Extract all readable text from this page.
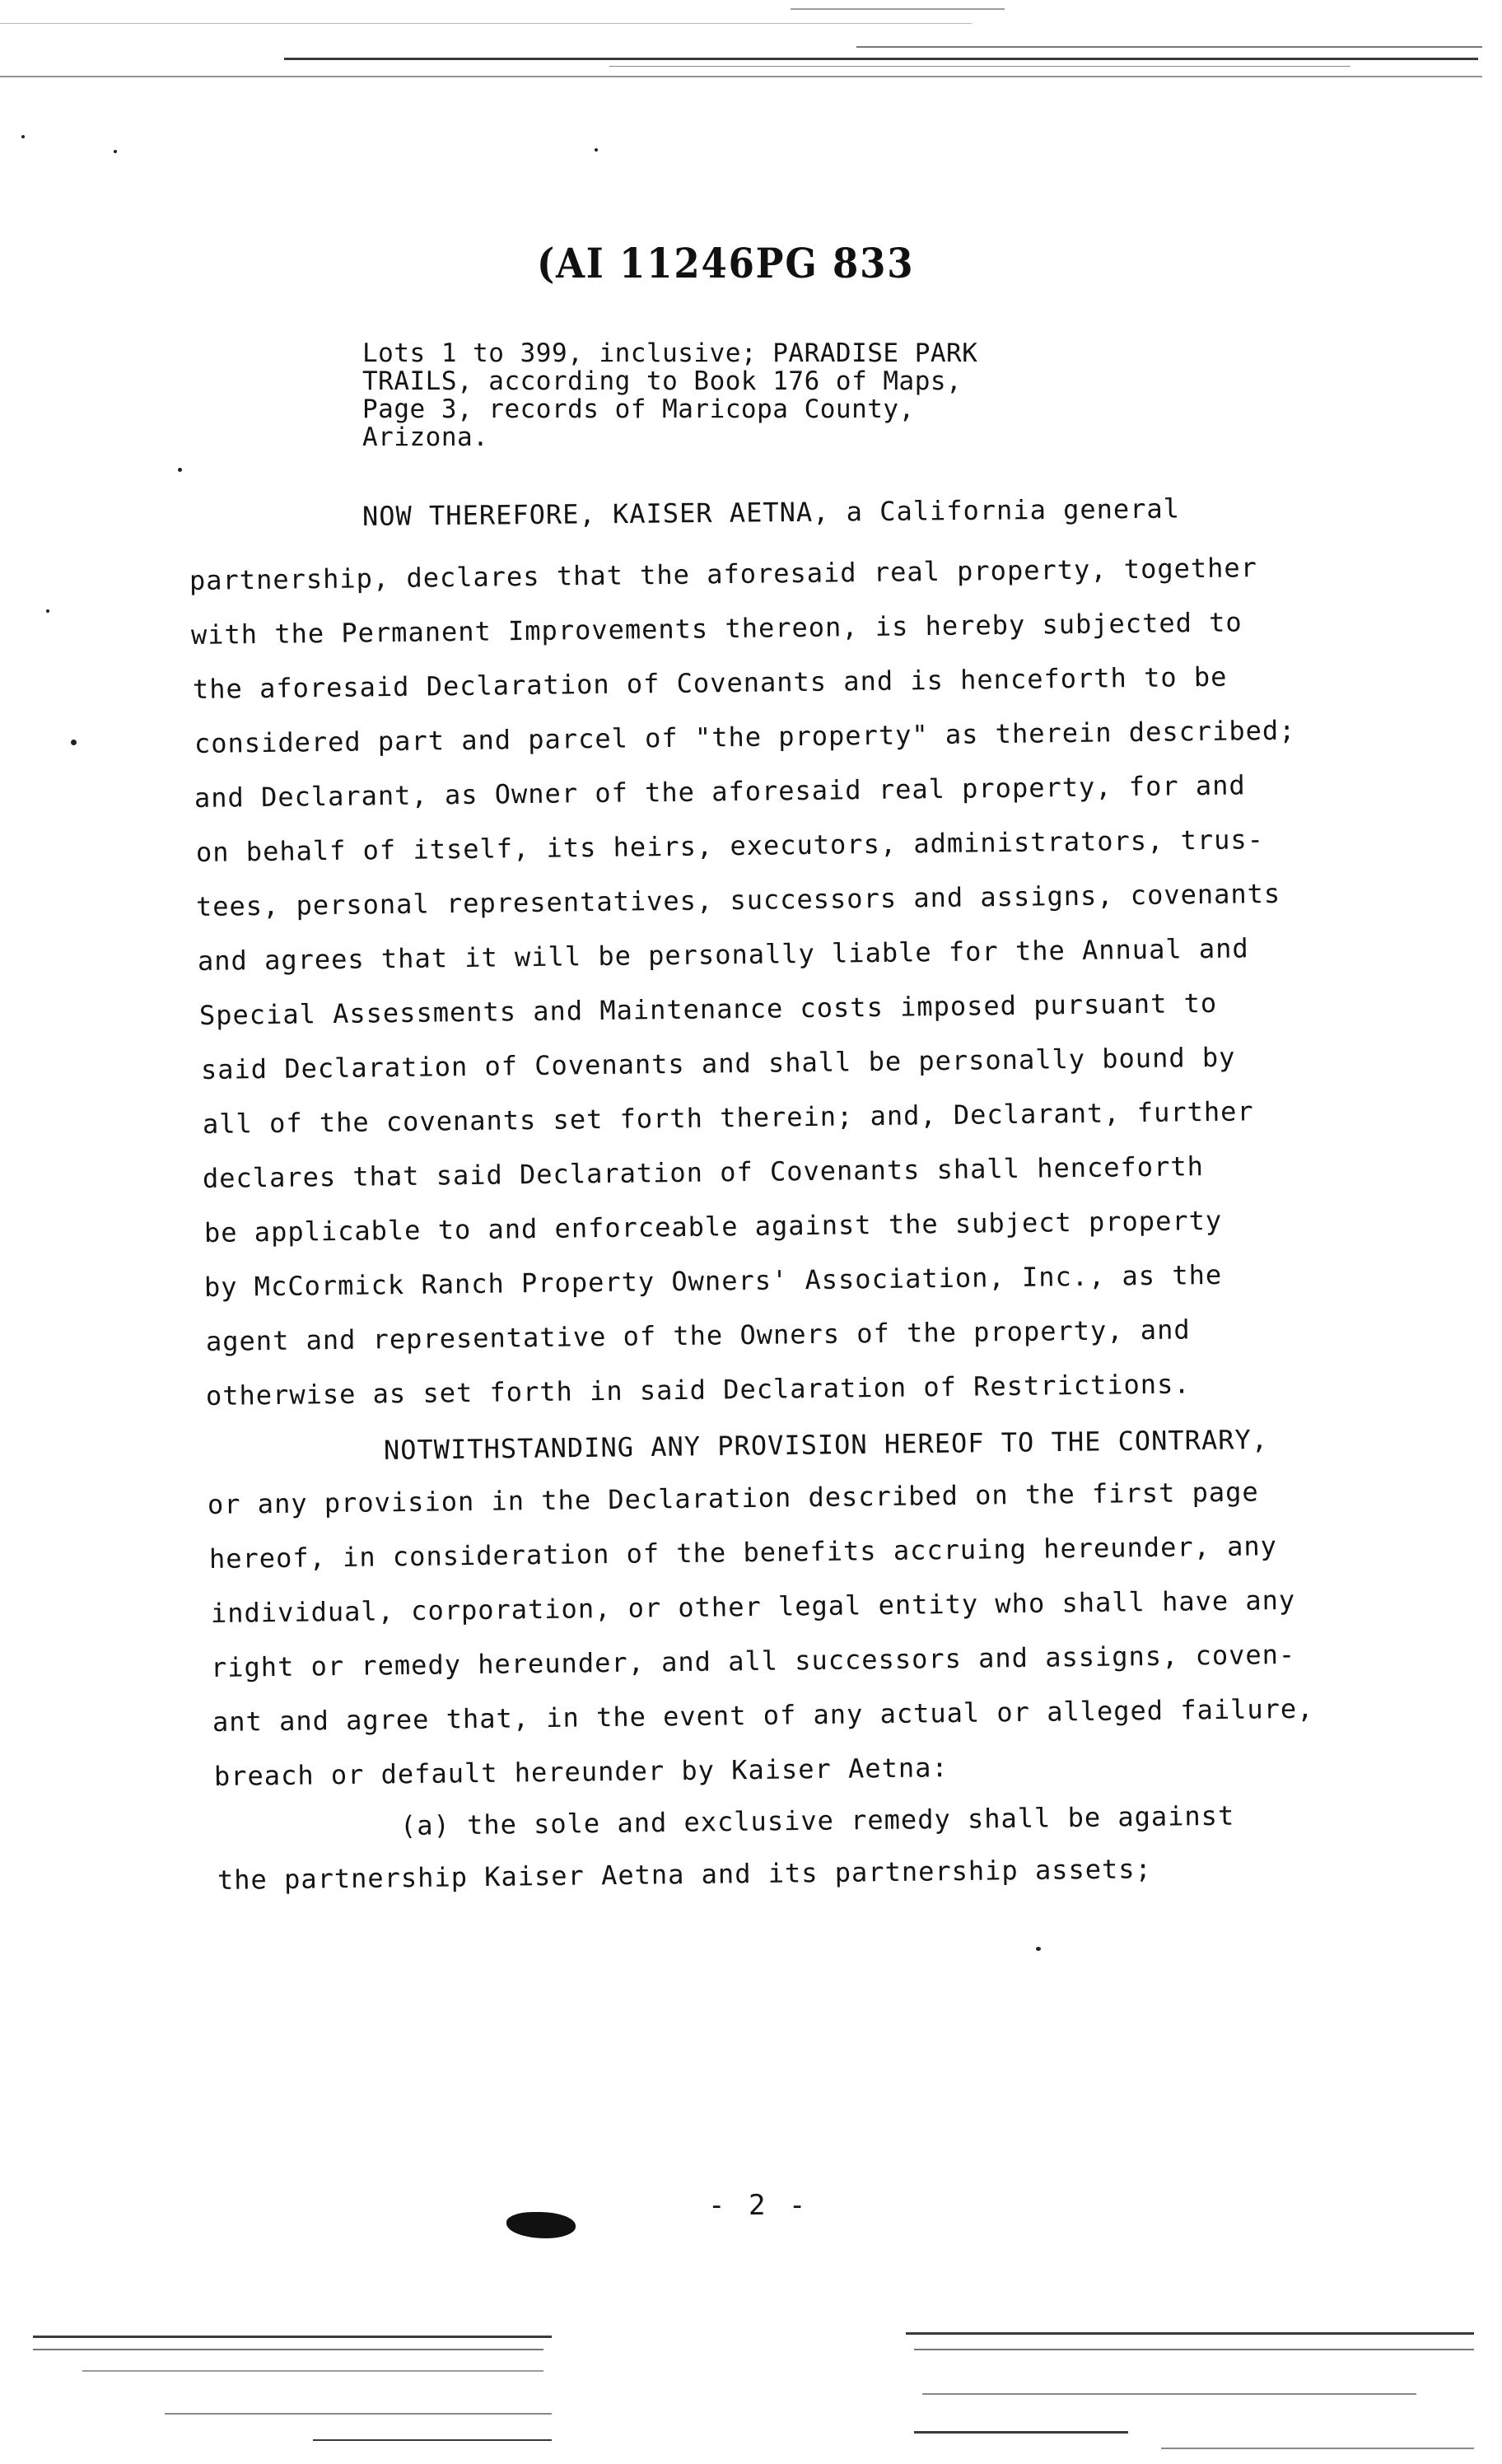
(AI 11246PG 833
Lots 1 to 399, inclusive; PARADISE PARK
TRAILS, according to Book 176 of Maps,
Page 3, records of Maricopa County,
Arizona.
NOW THEREFORE, KAISER AETNA, a California general
partnership, declares that the aforesaid real property, together
with the Permanent Improvements thereon, is hereby subjected to
the aforesaid Declaration of Covenants and is henceforth to be
considered part and parcel of "the property" as therein described;
and Declarant, as Owner of the aforesaid real property, for and
on behalf of itself, its heirs, executors, administrators, trus-
tees, personal representatives, successors and assigns, covenants
and agrees that it will be personally liable for the Annual and
Special Assessments and Maintenance costs imposed pursuant to
said Declaration of Covenants and shall be personally bound by
all of the covenants set forth therein; and, Declarant, further
declares that said Declaration of Covenants shall henceforth
be applicable to and enforceable against the subject property
by McCormick Ranch Property Owners' Association, Inc., as the
agent and representative of the Owners of the property, and
otherwise as set forth in said Declaration of Restrictions.
NOTWITHSTANDING ANY PROVISION HEREOF TO THE CONTRARY,
or any provision in the Declaration described on the first page
hereof, in consideration of the benefits accruing hereunder, any
individual, corporation, or other legal entity who shall have any
right or remedy hereunder, and all successors and assigns, coven-
ant and agree that, in the event of any actual or alleged failure,
breach or default hereunder by Kaiser Aetna:
(a) the sole and exclusive remedy shall be against
the partnership Kaiser Aetna and its partnership assets;
- 2 -
